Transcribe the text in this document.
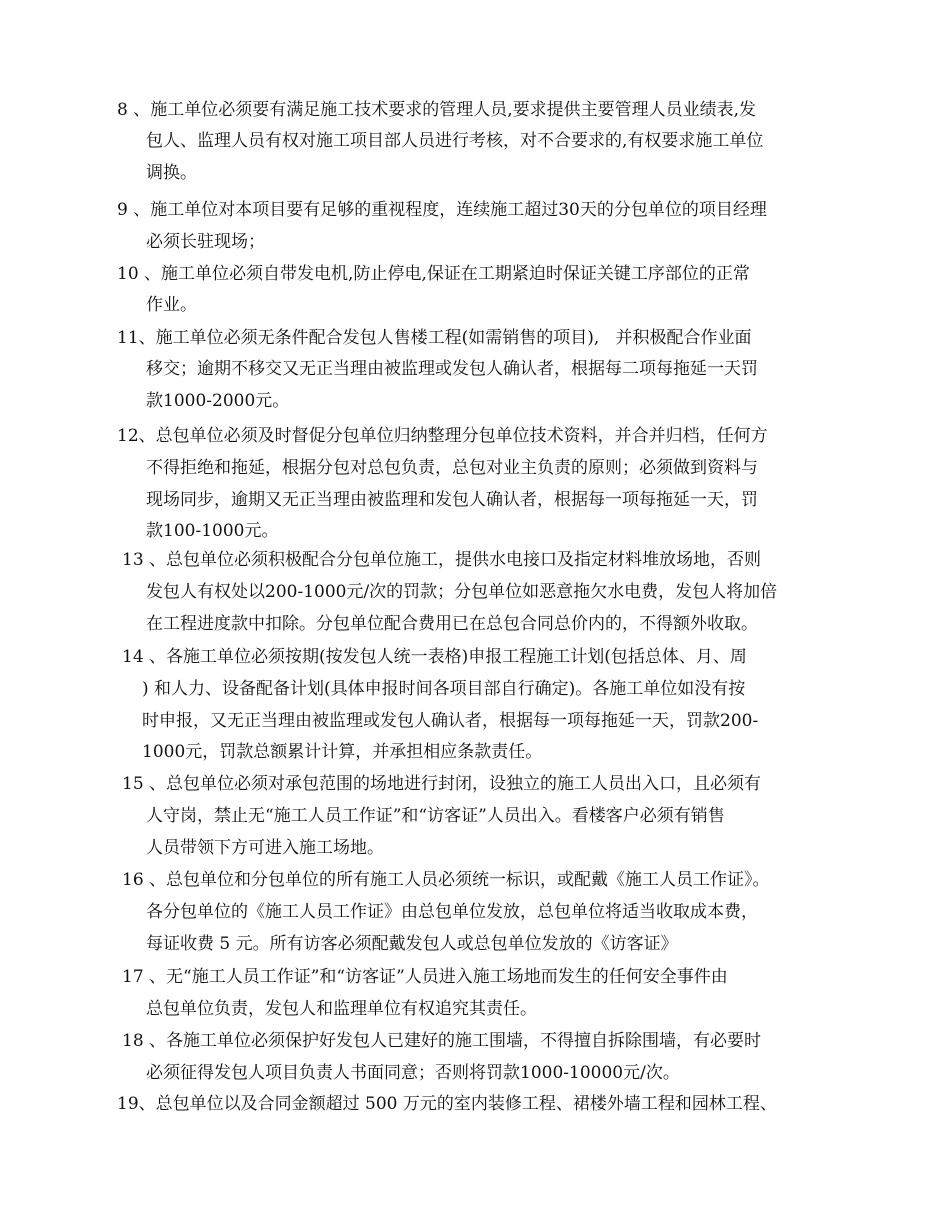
8 、施工单位必须要有满足施工技术要求的管理人员,要求提供主要管理人员业绩表,发
包人、监理人员有权对施工项目部人员进行考核，对不合要求的,有权要求施工单位
调换。
9 、施工单位对本项目要有足够的重视程度，连续施工超过30天的分包单位的项目经理
必须长驻现场；
10 、施工单位必须自带发电机,防止停电,保证在工期紧迫时保证关键工序部位的正常
作业。
11、施工单位必须无条件配合发包人售楼工程(如需销售的项目),   并积极配合作业面
移交；逾期不移交又无正当理由被监理或发包人确认者，根据每二项每拖延一天罚
款1000-2000元。
12、总包单位必须及时督促分包单位归纳整理分包单位技术资料，并合并归档，任何方
不得拒绝和拖延，根据分包对总包负责，总包对业主负责的原则；必须做到资料与
现场同步，逾期又无正当理由被监理和发包人确认者，根据每一项每拖延一天，罚
款100-1000元。
13 、总包单位必须积极配合分包单位施工，提供水电接口及指定材料堆放场地，否则
发包人有权处以200-1000元/次的罚款；分包单位如恶意拖欠水电费，发包人将加倍
在工程进度款中扣除。分包单位配合费用已在总包合同总价内的，不得额外收取。
14 、各施工单位必须按期(按发包人统一表格)申报工程施工计划(包括总体、月、周
) 和人力、设备配备计划(具体申报时间各项目部自行确定)。各施工单位如没有按
时申报，又无正当理由被监理或发包人确认者，根据每一项每拖延一天，罚款200-
1000元，罚款总额累计计算，并承担相应条款责任。
15 、总包单位必须对承包范围的场地进行封闭，设独立的施工人员出入口，且必须有
人守岗，禁止无“施工人员工作证”和“访客证”人员出入。看楼客户必须有销售
人员带领下方可进入施工场地。
16 、总包单位和分包单位的所有施工人员必须统一标识，或配戴《施工人员工作证》。
各分包单位的《施工人员工作证》由总包单位发放，总包单位将适当收取成本费，
每证收费 5 元。所有访客必须配戴发包人或总包单位发放的《访客证》
17 、无“施工人员工作证”和“访客证”人员进入施工场地而发生的任何安全事件由
总包单位负责，发包人和监理单位有权追究其责任。
18 、各施工单位必须保护好发包人已建好的施工围墙，不得擅自拆除围墙，有必要时
必须征得发包人项目负责人书面同意；否则将罚款1000-10000元/次。
19、总包单位以及合同金额超过 500 万元的室内装修工程、裙楼外墙工程和园林工程、
